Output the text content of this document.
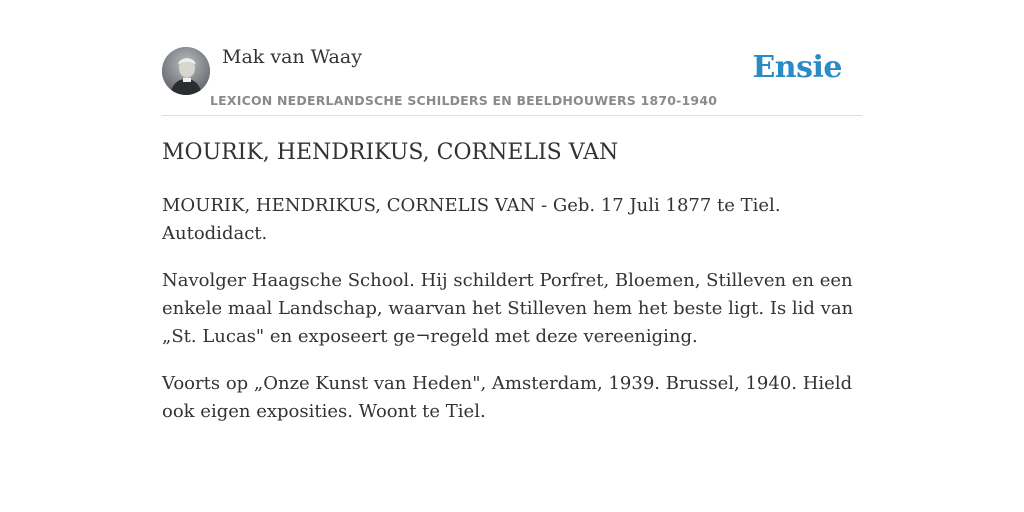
Mak van Waay
LEXICON NEDERLANDSCHE SCHILDERS EN BEELDHOUWERS 1870-1940
Ensie
MOURIK, HENDRIKUS, CORNELIS VAN

MOURIK, HENDRIKUS, CORNELIS VAN - Geb. 17 Juli 1877 te Tiel. Autodidact.

Navolger Haagsche School. Hij schildert Porfret, Bloemen, Stilleven en een enkele maal Landschap, waarvan het Stilleven hem het beste ligt. Is lid van „St. Lucas" en exposeert ge¬regeld met deze vereeniging.

Voorts op „Onze Kunst van Heden", Amsterdam, 1939. Brussel, 1940. Hield ook eigen exposities. Woont te Tiel.
